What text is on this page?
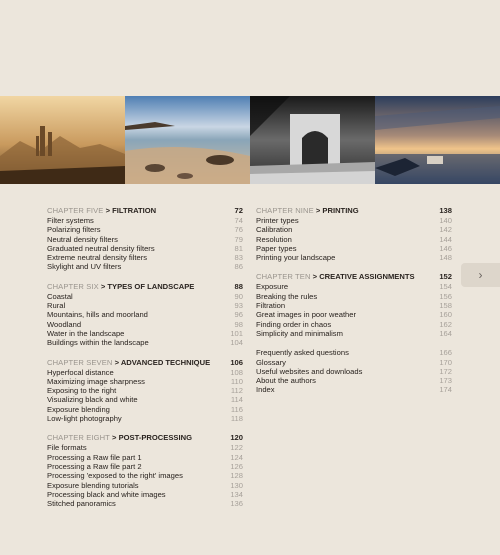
CHAPTER FIVE > FILTRATION	72
Filter systems	74
Polarizing filters	76
Neutral density filters	79
Graduated neutral density filters	81
Extreme neutral density filters	83
Skylight and UV filters	86
CHAPTER SIX > TYPES OF LANDSCAPE	88
Coastal	90
Rural	93
Mountains, hills and moorland	96
Woodland	98
Water in the landscape	101
Buildings within the landscape	104
CHAPTER SEVEN > ADVANCED TECHNIQUE	106
Hyperfocal distance	108
Maximizing image sharpness	110
Exposing to the right	112
Visualizing black and white	114
Exposure blending	116
Low-light photography	118
CHAPTER EIGHT > POST-PROCESSING	120
File formats	122
Processing a Raw file part 1	124
Processing a Raw file part 2	126
Processing 'exposed to the right' images	128
Exposure blending tutorials	130
Processing black and white images	134
Stitched panoramics	136
CHAPTER NINE > PRINTING	138
Printer types	140
Calibration	142
Resolution	144
Paper types	146
Printing your landscape	148
CHAPTER TEN > CREATIVE ASSIGNMENTS	152
Exposure	154
Breaking the rules	156
Filtration	158
Great images in poor weather	160
Finding order in chaos	162
Simplicity and minimalism	164
Frequently asked questions	166
Glossary	170
Useful websites and downloads	172
About the authors	173
Index	174
›
